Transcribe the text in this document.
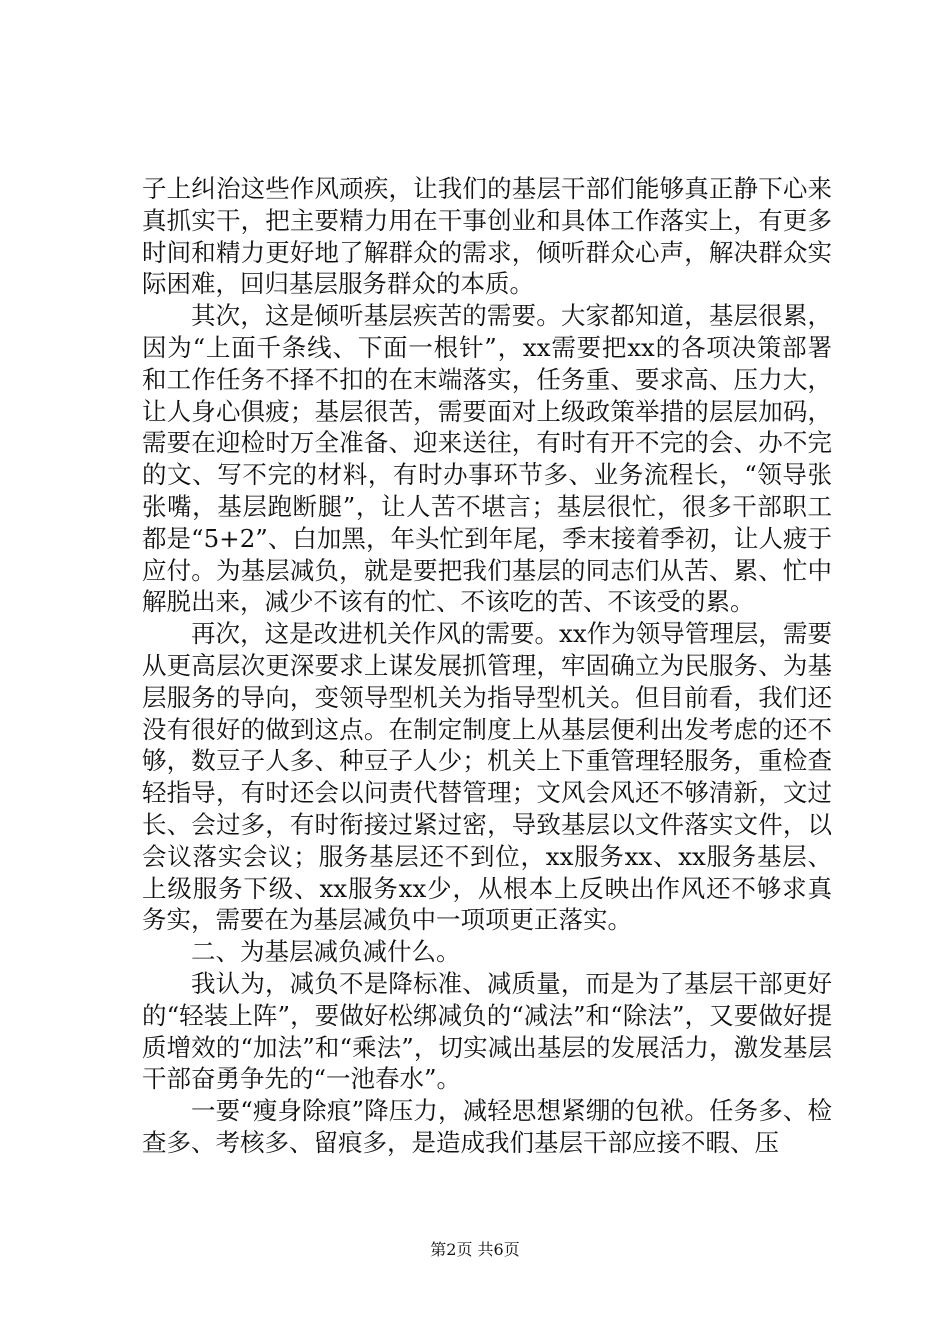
子上纠治这些作风顽疾，让我们的基层干部们能够真正静下心来真抓实干，把主要精力用在干事创业和具体工作落实上，有更多时间和精力更好地了解群众的需求，倾听群众心声，解决群众实际困难，回归基层服务群众的本质。

其次，这是倾听基层疾苦的需要。大家都知道，基层很累，因为“上面千条线、下面一根针”，xx需要把xx的各项决策部署和工作任务不择不扣的在末端落实，任务重、要求高、压力大，让人身心俱疲；基层很苦，需要面对上级政策举措的层层加码，需要在迎检时万全准备、迎来送往，有时有开不完的会、办不完的文、写不完的材料，有时办事环节多、业务流程长，“领导张张嘴，基层跑断腿”，让人苦不堪言；基层很忙，很多干部职工都是“5+2”、白加黑，年头忙到年尾，季末接着季初，让人疲于应付。为基层减负，就是要把我们基层的同志们从苦、累、忙中解脱出来，减少不该有的忙、不该吃的苦、不该受的累。

再次，这是改进机关作风的需要。xx作为领导管理层，需要从更高层次更深要求上谋发展抓管理，牢固确立为民服务、为基层服务的导向，变领导型机关为指导型机关。但目前看，我们还没有很好的做到这点。在制定制度上从基层便利出发考虑的还不够，数豆子人多、种豆子人少；机关上下重管理轻服务，重检查轻指导，有时还会以问责代替管理；文风会风还不够清新，文过长、会过多，有时衔接过紧过密，导致基层以文件落实文件，以会议落实会议；服务基层还不到位，xx服务xx、xx服务基层、上级服务下级、xx服务xx少，从根本上反映出作风还不够求真务实，需要在为基层减负中一项项更正落实。

二、为基层减负减什么。

我认为，减负不是降标准、减质量，而是为了基层干部更好的“轻装上阵”，要做好松绑减负的“减法”和“除法”，又要做好提质增效的“加法”和“乘法”，切实减出基层的发展活力，激发基层干部奋勇争先的“一池春水”。

一要“瘦身除痕”降压力，减轻思想紧绷的包袱。任务多、检查多、考核多、留痕多，是造成我们基层干部应接不暇、压

第2页 共6页
